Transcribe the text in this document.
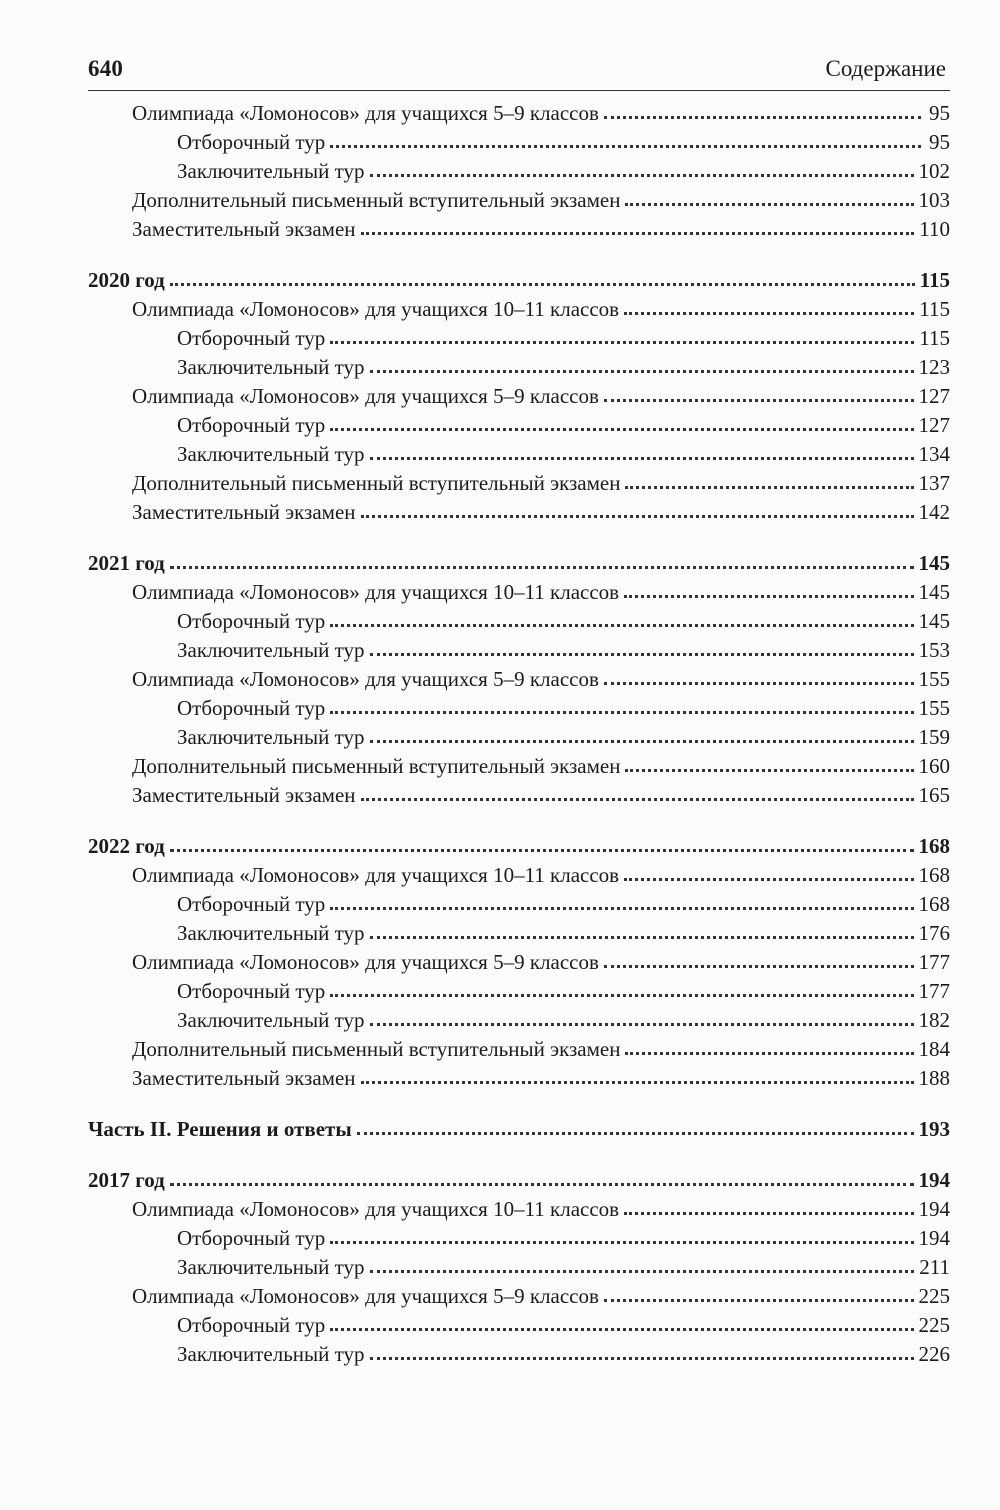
640	Содержание
Олимпиада «Ломоносов» для учащихся 5–9 классов	95
Отборочный тур	95
Заключительный тур	102
Дополнительный письменный вступительный экзамен	103
Заместительный экзамен	110
2020 год	115
Олимпиада «Ломоносов» для учащихся 10–11 классов	115
Отборочный тур	115
Заключительный тур	123
Олимпиада «Ломоносов» для учащихся 5–9 классов	127
Отборочный тур	127
Заключительный тур	134
Дополнительный письменный вступительный экзамен	137
Заместительный экзамен	142
2021 год	145
Олимпиада «Ломоносов» для учащихся 10–11 классов	145
Отборочный тур	145
Заключительный тур	153
Олимпиада «Ломоносов» для учащихся 5–9 классов	155
Отборочный тур	155
Заключительный тур	159
Дополнительный письменный вступительный экзамен	160
Заместительный экзамен	165
2022 год	168
Олимпиада «Ломоносов» для учащихся 10–11 классов	168
Отборочный тур	168
Заключительный тур	176
Олимпиада «Ломоносов» для учащихся 5–9 классов	177
Отборочный тур	177
Заключительный тур	182
Дополнительный письменный вступительный экзамен	184
Заместительный экзамен	188
Часть II. Решения и ответы	193
2017 год	194
Олимпиада «Ломоносов» для учащихся 10–11 классов	194
Отборочный тур	194
Заключительный тур	211
Олимпиада «Ломоносов» для учащихся 5–9 классов	225
Отборочный тур	225
Заключительный тур	226
